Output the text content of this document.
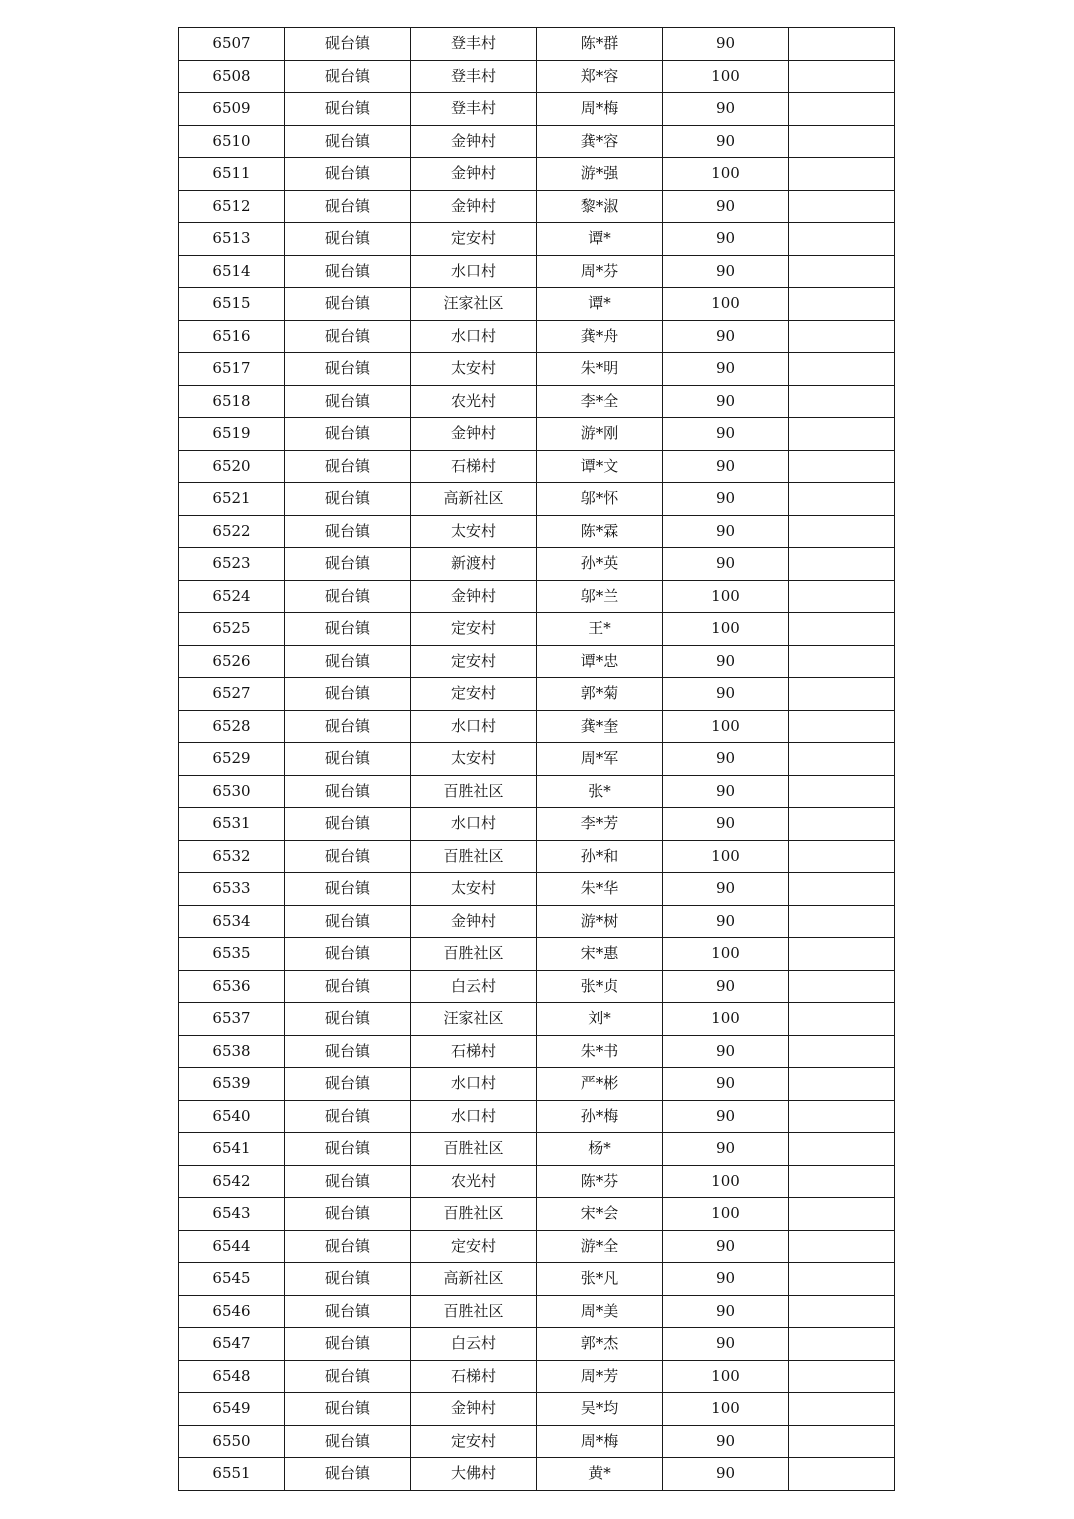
6507	砚台镇	登丰村	陈*群	90	
6508	砚台镇	登丰村	郑*容	100	
6509	砚台镇	登丰村	周*梅	90	
6510	砚台镇	金钟村	龚*容	90	
6511	砚台镇	金钟村	游*强	100	
6512	砚台镇	金钟村	黎*淑	90	
6513	砚台镇	定安村	谭*	90	
6514	砚台镇	水口村	周*芬	90	
6515	砚台镇	汪家社区	谭*	100	
6516	砚台镇	水口村	龚*舟	90	
6517	砚台镇	太安村	朱*明	90	
6518	砚台镇	农光村	李*全	90	
6519	砚台镇	金钟村	游*刚	90	
6520	砚台镇	石梯村	谭*文	90	
6521	砚台镇	高新社区	邬*怀	90	
6522	砚台镇	太安村	陈*霖	90	
6523	砚台镇	新渡村	孙*英	90	
6524	砚台镇	金钟村	邬*兰	100	
6525	砚台镇	定安村	王*	100	
6526	砚台镇	定安村	谭*忠	90	
6527	砚台镇	定安村	郭*菊	90	
6528	砚台镇	水口村	龚*奎	100	
6529	砚台镇	太安村	周*军	90	
6530	砚台镇	百胜社区	张*	90	
6531	砚台镇	水口村	李*芳	90	
6532	砚台镇	百胜社区	孙*和	100	
6533	砚台镇	太安村	朱*华	90	
6534	砚台镇	金钟村	游*树	90	
6535	砚台镇	百胜社区	宋*惠	100	
6536	砚台镇	白云村	张*贞	90	
6537	砚台镇	汪家社区	刘*	100	
6538	砚台镇	石梯村	朱*书	90	
6539	砚台镇	水口村	严*彬	90	
6540	砚台镇	水口村	孙*梅	90	
6541	砚台镇	百胜社区	杨*	90	
6542	砚台镇	农光村	陈*芬	100	
6543	砚台镇	百胜社区	宋*会	100	
6544	砚台镇	定安村	游*全	90	
6545	砚台镇	高新社区	张*凡	90	
6546	砚台镇	百胜社区	周*美	90	
6547	砚台镇	白云村	郭*杰	90	
6548	砚台镇	石梯村	周*芳	100	
6549	砚台镇	金钟村	吴*均	100	
6550	砚台镇	定安村	周*梅	90	
6551	砚台镇	大佛村	黄*	90	
